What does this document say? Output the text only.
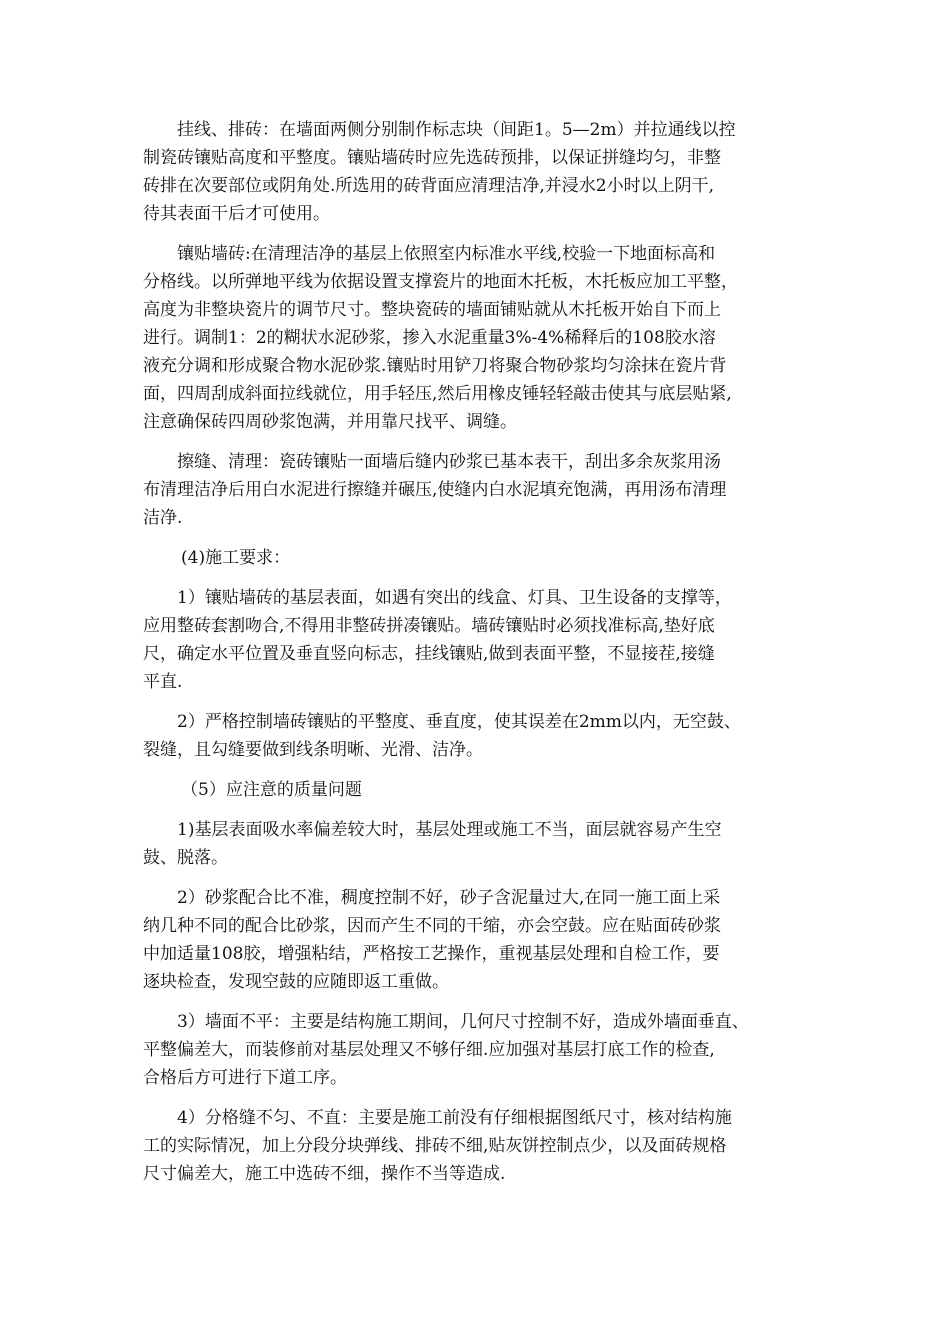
挂线、排砖：在墙面两侧分别制作标志块（间距1。5—2m）并拉通线以控
制瓷砖镶贴高度和平整度。镶贴墙砖时应先选砖预排，以保证拼缝均匀，非整
砖排在次要部位或阴角处.所选用的砖背面应清理洁净,并浸水2小时以上阴干,
待其表面干后才可使用。
镶贴墙砖:在清理洁净的基层上依照室内标准水平线,校验一下地面标高和
分格线。以所弹地平线为依据设置支撑瓷片的地面木托板，木托板应加工平整，
高度为非整块瓷片的调节尺寸。整块瓷砖的墙面铺贴就从木托板开始自下而上
进行。调制1：2的糊状水泥砂浆，掺入水泥重量3%-4%稀释后的108胶水溶
液充分调和形成聚合物水泥砂浆.镶贴时用铲刀将聚合物砂浆均匀涂抹在瓷片背
面，四周刮成斜面拉线就位，用手轻压,然后用橡皮锤轻轻敲击使其与底层贴紧,
注意确保砖四周砂浆饱满，并用靠尺找平、调缝。
擦缝、清理：瓷砖镶贴一面墙后缝内砂浆已基本表干，刮出多余灰浆用汤
布清理洁净后用白水泥进行擦缝并碾压,使缝内白水泥填充饱满，再用汤布清理
洁净.
(4)施工要求：
1）镶贴墙砖的基层表面，如遇有突出的线盒、灯具、卫生设备的支撑等，
应用整砖套割吻合,不得用非整砖拼凑镶贴。墙砖镶贴时必须找准标高,垫好底
尺，确定水平位置及垂直竖向标志，挂线镶贴,做到表面平整，不显接茬,接缝
平直.
2）严格控制墙砖镶贴的平整度、垂直度，使其误差在2mm以内，无空鼓、
裂缝，且勾缝要做到线条明晰、光滑、洁净。
（5）应注意的质量问题
1)基层表面吸水率偏差较大时，基层处理或施工不当，面层就容易产生空
鼓、脱落。
2）砂浆配合比不准，稠度控制不好，砂子含泥量过大,在同一施工面上采
纳几种不同的配合比砂浆，因而产生不同的干缩，亦会空鼓。应在贴面砖砂浆
中加适量108胶，增强粘结，严格按工艺操作，重视基层处理和自检工作，要
逐块检查，发现空鼓的应随即返工重做。
3）墙面不平：主要是结构施工期间，几何尺寸控制不好，造成外墙面垂直、
平整偏差大，而装修前对基层处理又不够仔细.应加强对基层打底工作的检查,
合格后方可进行下道工序。
4）分格缝不匀、不直：主要是施工前没有仔细根据图纸尺寸，核对结构施
工的实际情况，加上分段分块弹线、排砖不细,贴灰饼控制点少，以及面砖规格
尺寸偏差大，施工中选砖不细，操作不当等造成.
